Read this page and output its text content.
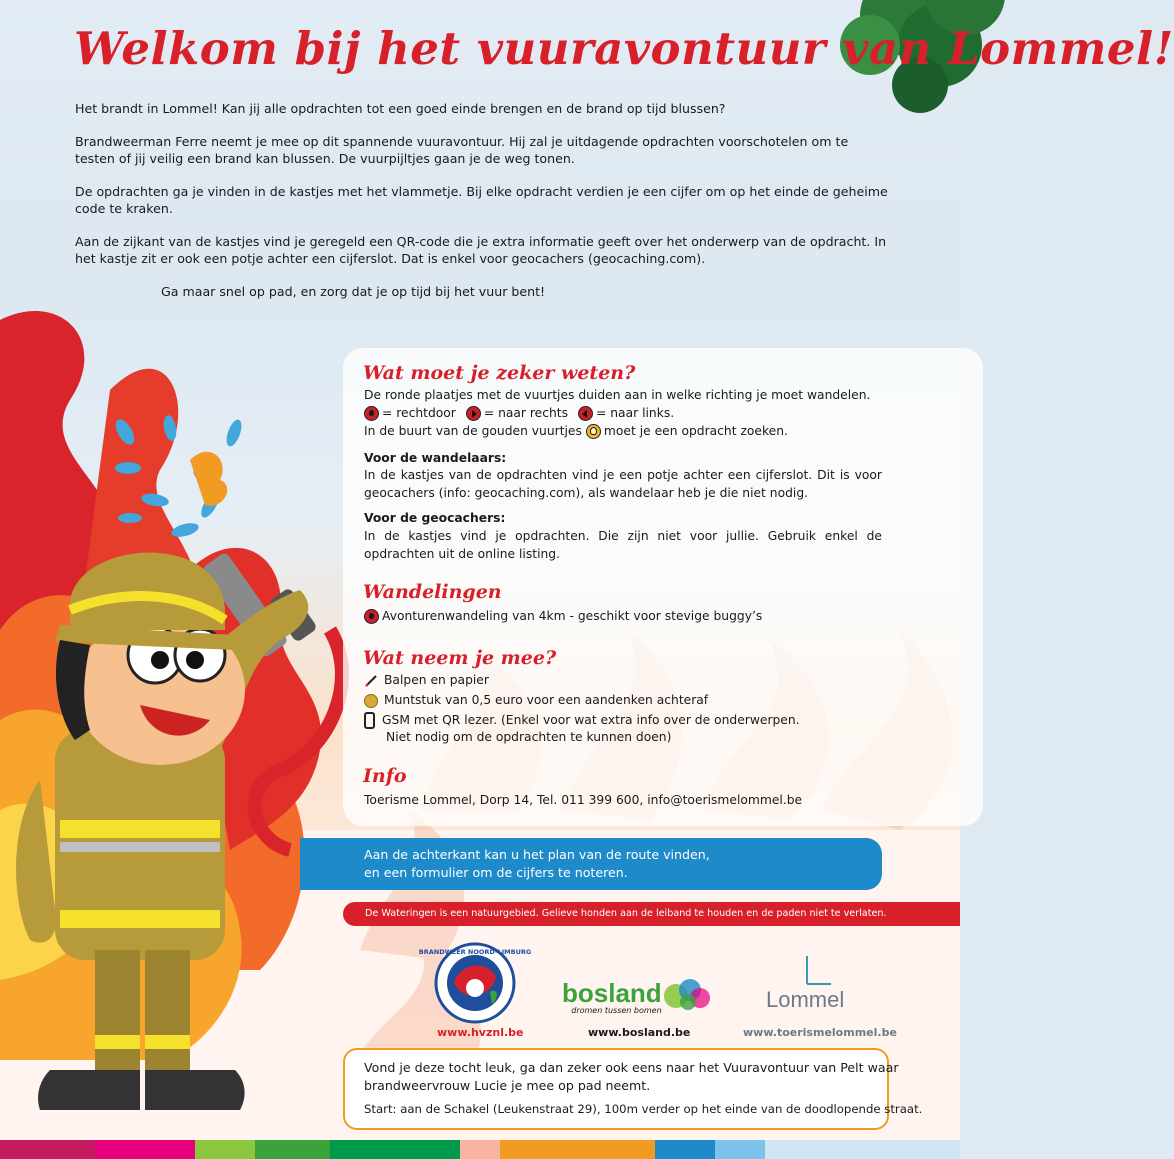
Welkom bij het vuuravontuur van Lommel!

Het brandt in Lommel! Kan jij alle opdrachten tot een goed einde brengen en de brand op tijd blussen?

Brandweerman Ferre neemt je mee op dit spannende vuuravontuur. Hij zal je uitdagende opdrachten voorschotelen om te testen of jij veilig een brand kan blussen. De vuurpijltjes gaan je de weg tonen.

De opdrachten ga je vinden in de kastjes met het vlammetje. Bij elke opdracht verdien je een cijfer om op het einde de geheime code te kraken.

Aan de zijkant van de kastjes vind je geregeld een QR-code die je extra informatie geeft over het onderwerp van de opdracht. In het kastje zit er ook een potje achter een cijferslot. Dat is enkel voor geocachers (geocaching.com).

Ga maar snel op pad, en zorg dat je op tijd bij het vuur bent!

Wat moet je zeker weten?

De ronde plaatjes met de vuurtjes duiden aan in welke richting je moet wandelen.

= rechtdoor = naar rechts = naar links.
In de buurt van de gouden vuurtjes moet je een opdracht zoeken.

Voor de wandelaars:

In de kastjes van de opdrachten vind je een potje achter een cijferslot. Dit is voor geocachers (info: geocaching.com), als wandelaar heb je die niet nodig.

Voor de geocachers:

In de kastjes vind je opdrachten. Die zijn niet voor jullie. Gebruik enkel de opdrachten uit de online listing.

Wandelingen
Avonturenwandeling van 4km - geschikt voor stevige buggy’s
Wat neem je mee?
Balpen en papier
Muntstuk van 0,5 euro voor een aandenken achteraf
GSM met QR lezer. (Enkel voor wat extra info over de onderwerpen.

Niet nodig om de opdrachten te kunnen doen)

Info

Toerisme Lommel, Dorp 14, Tel. 011 399 600, info@toerismelommel.be

Aan de achterkant kan u het plan van de route vinden,
en een formulier om de cijfers te noteren.

De Wateringen is een natuurgebied. Gelieve honden aan de leiband te houden en de paden niet te verlaten.

BRANDWEER NOORD-LIMBURG
www.hvznl.be
bosland
dromen tussen bomen
www.bosland.be
Lommel
www.toerismelommel.be

Vond je deze tocht leuk, ga dan zeker ook eens naar het Vuuravontuur van Pelt waar
brandweervrouw Lucie je mee op pad neemt.

Start: aan de Schakel (Leukenstraat 29), 100m verder op het einde van de doodlopende straat.
